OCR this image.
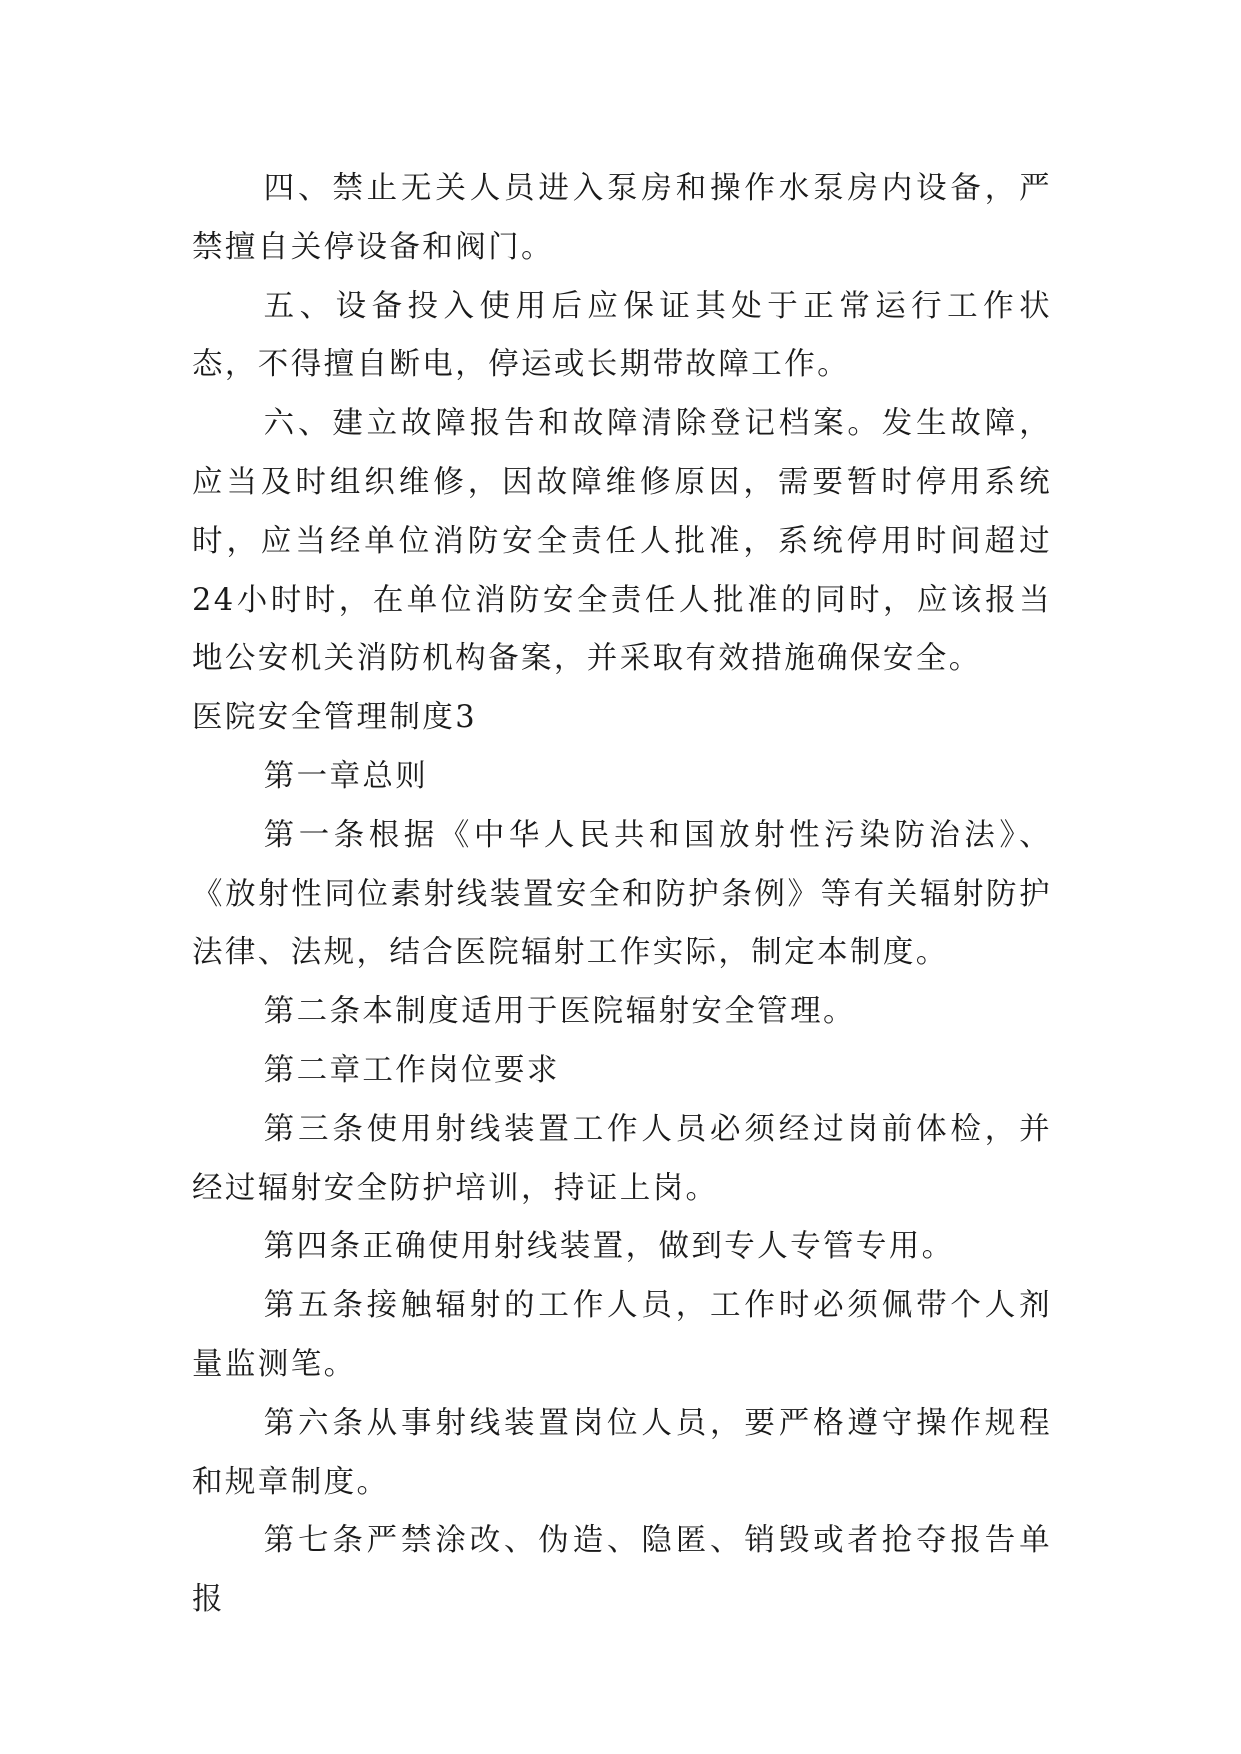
四、禁止无关人员进入泵房和操作水泵房内设备，严禁擅自关停设备和阀门。

五、设备投入使用后应保证其处于正常运行工作状态，不得擅自断电，停运或长期带故障工作。

六、建立故障报告和故障清除登记档案。发生故障，应当及时组织维修，因故障维修原因，需要暂时停用系统时，应当经单位消防安全责任人批准，系统停用时间超过24小时时，在单位消防安全责任人批准的同时，应该报当地公安机关消防机构备案，并采取有效措施确保安全。

医院安全管理制度3

第一章总则

第一条根据《中华人民共和国放射性污染防治法》、《放射性同位素射线装置安全和防护条例》等有关辐射防护法律、法规，结合医院辐射工作实际，制定本制度。

第二条本制度适用于医院辐射安全管理。

第二章工作岗位要求

第三条使用射线装置工作人员必须经过岗前体检，并经过辐射安全防护培训，持证上岗。

第四条正确使用射线装置，做到专人专管专用。

第五条接触辐射的工作人员，工作时必须佩带个人剂量监测笔。

第六条从事射线装置岗位人员，要严格遵守操作规程和规章制度。

第七条严禁涂改、伪造、隐匿、销毁或者抢夺报告单报
